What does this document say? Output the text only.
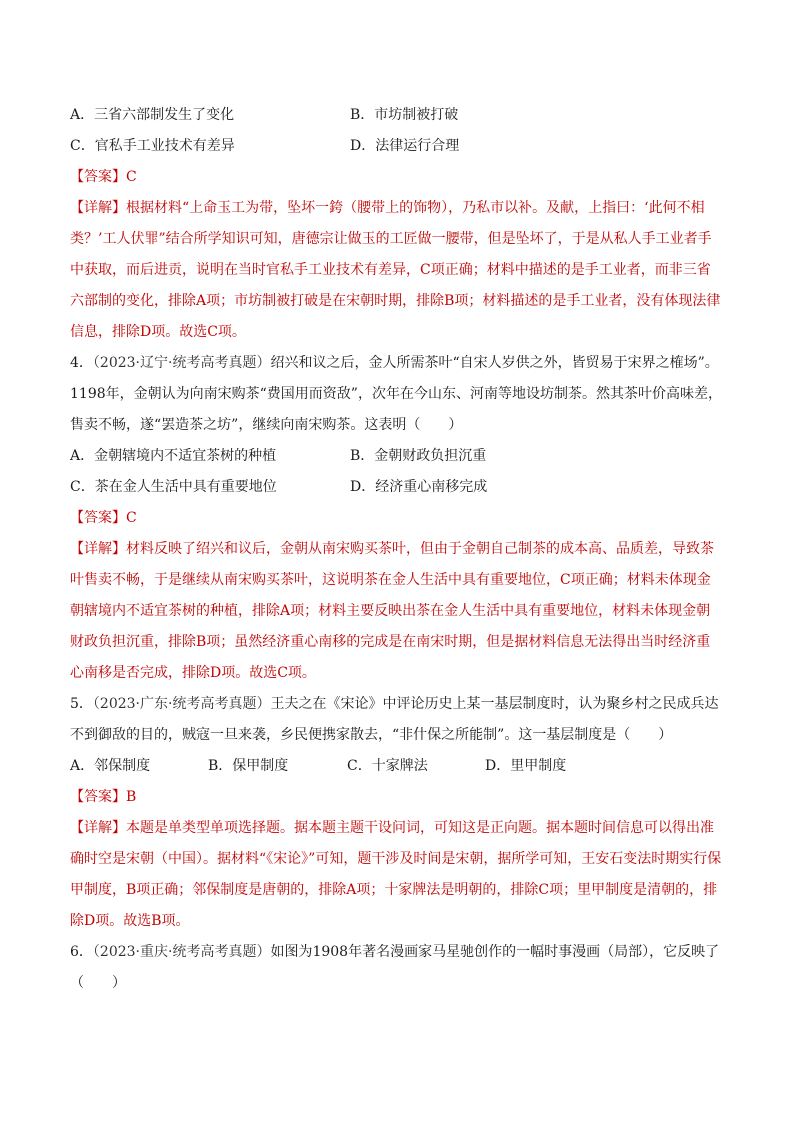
A．三省六部制发生了变化	B．市坊制被打破
C．官私手工业技术有差异	D．法律运行合理
【答案】C
【详解】根据材料“上命玉工为带，坠坏一銙（腰带上的饰物），乃私市以补。及献，上指曰：‘此何不相类？’工人伏罪”结合所学知识可知，唐德宗让做玉的工匠做一腰带，但是坠坏了，于是从私人手工业者手中获取，而后进贡，说明在当时官私手工业技术有差异，C项正确；材料中描述的是手工业者，而非三省六部制的变化，排除A项；市坊制被打破是在宋朝时期，排除B项；材料描述的是手工业者，没有体现法律信息，排除D项。故选C项。
4．（2023·辽宁·统考高考真题）绍兴和议之后，金人所需茶叶“自宋人岁供之外，皆贸易于宋界之榷场”。1198年，金朝认为向南宋购茶“费国用而资敌”，次年在今山东、河南等地设坊制茶。然其茶叶价高味差，售卖不畅，遂“罢造茶之坊”，继续向南宋购茶。这表明（　　）
A．金朝辖境内不适宜茶树的种植	B．金朝财政负担沉重
C．茶在金人生活中具有重要地位	D．经济重心南移完成
【答案】C
【详解】材料反映了绍兴和议后，金朝从南宋购买茶叶，但由于金朝自己制茶的成本高、品质差，导致茶叶售卖不畅，于是继续从南宋购买茶叶，这说明茶在金人生活中具有重要地位，C项正确；材料未体现金朝辖境内不适宜茶树的种植，排除A项；材料主要反映出茶在金人生活中具有重要地位，材料未体现金朝财政负担沉重，排除B项；虽然经济重心南移的完成是在南宋时期，但是据材料信息无法得出当时经济重心南移是否完成，排除D项。故选C项。
5．（2023·广东·统考高考真题）王夫之在《宋论》中评论历史上某一基层制度时，认为聚乡村之民成兵达不到御敌的目的，贼寇一旦来袭，乡民便携家散去，“非什保之所能制”。这一基层制度是（　　）
A．邻保制度	B．保甲制度	C．十家牌法	D．里甲制度
【答案】B
【详解】本题是单类型单项选择题。据本题主题干设问词，可知这是正向题。据本题时间信息可以得出准确时空是宋朝（中国）。据材料“《宋论》”可知，题干涉及时间是宋朝，据所学可知，王安石变法时期实行保甲制度，B项正确；邻保制度是唐朝的，排除A项；十家牌法是明朝的，排除C项；里甲制度是清朝的，排除D项。故选B项。
6．（2023·重庆·统考高考真题）如图为1908年著名漫画家马星驰创作的一幅时事漫画（局部），它反映了
（　　）
